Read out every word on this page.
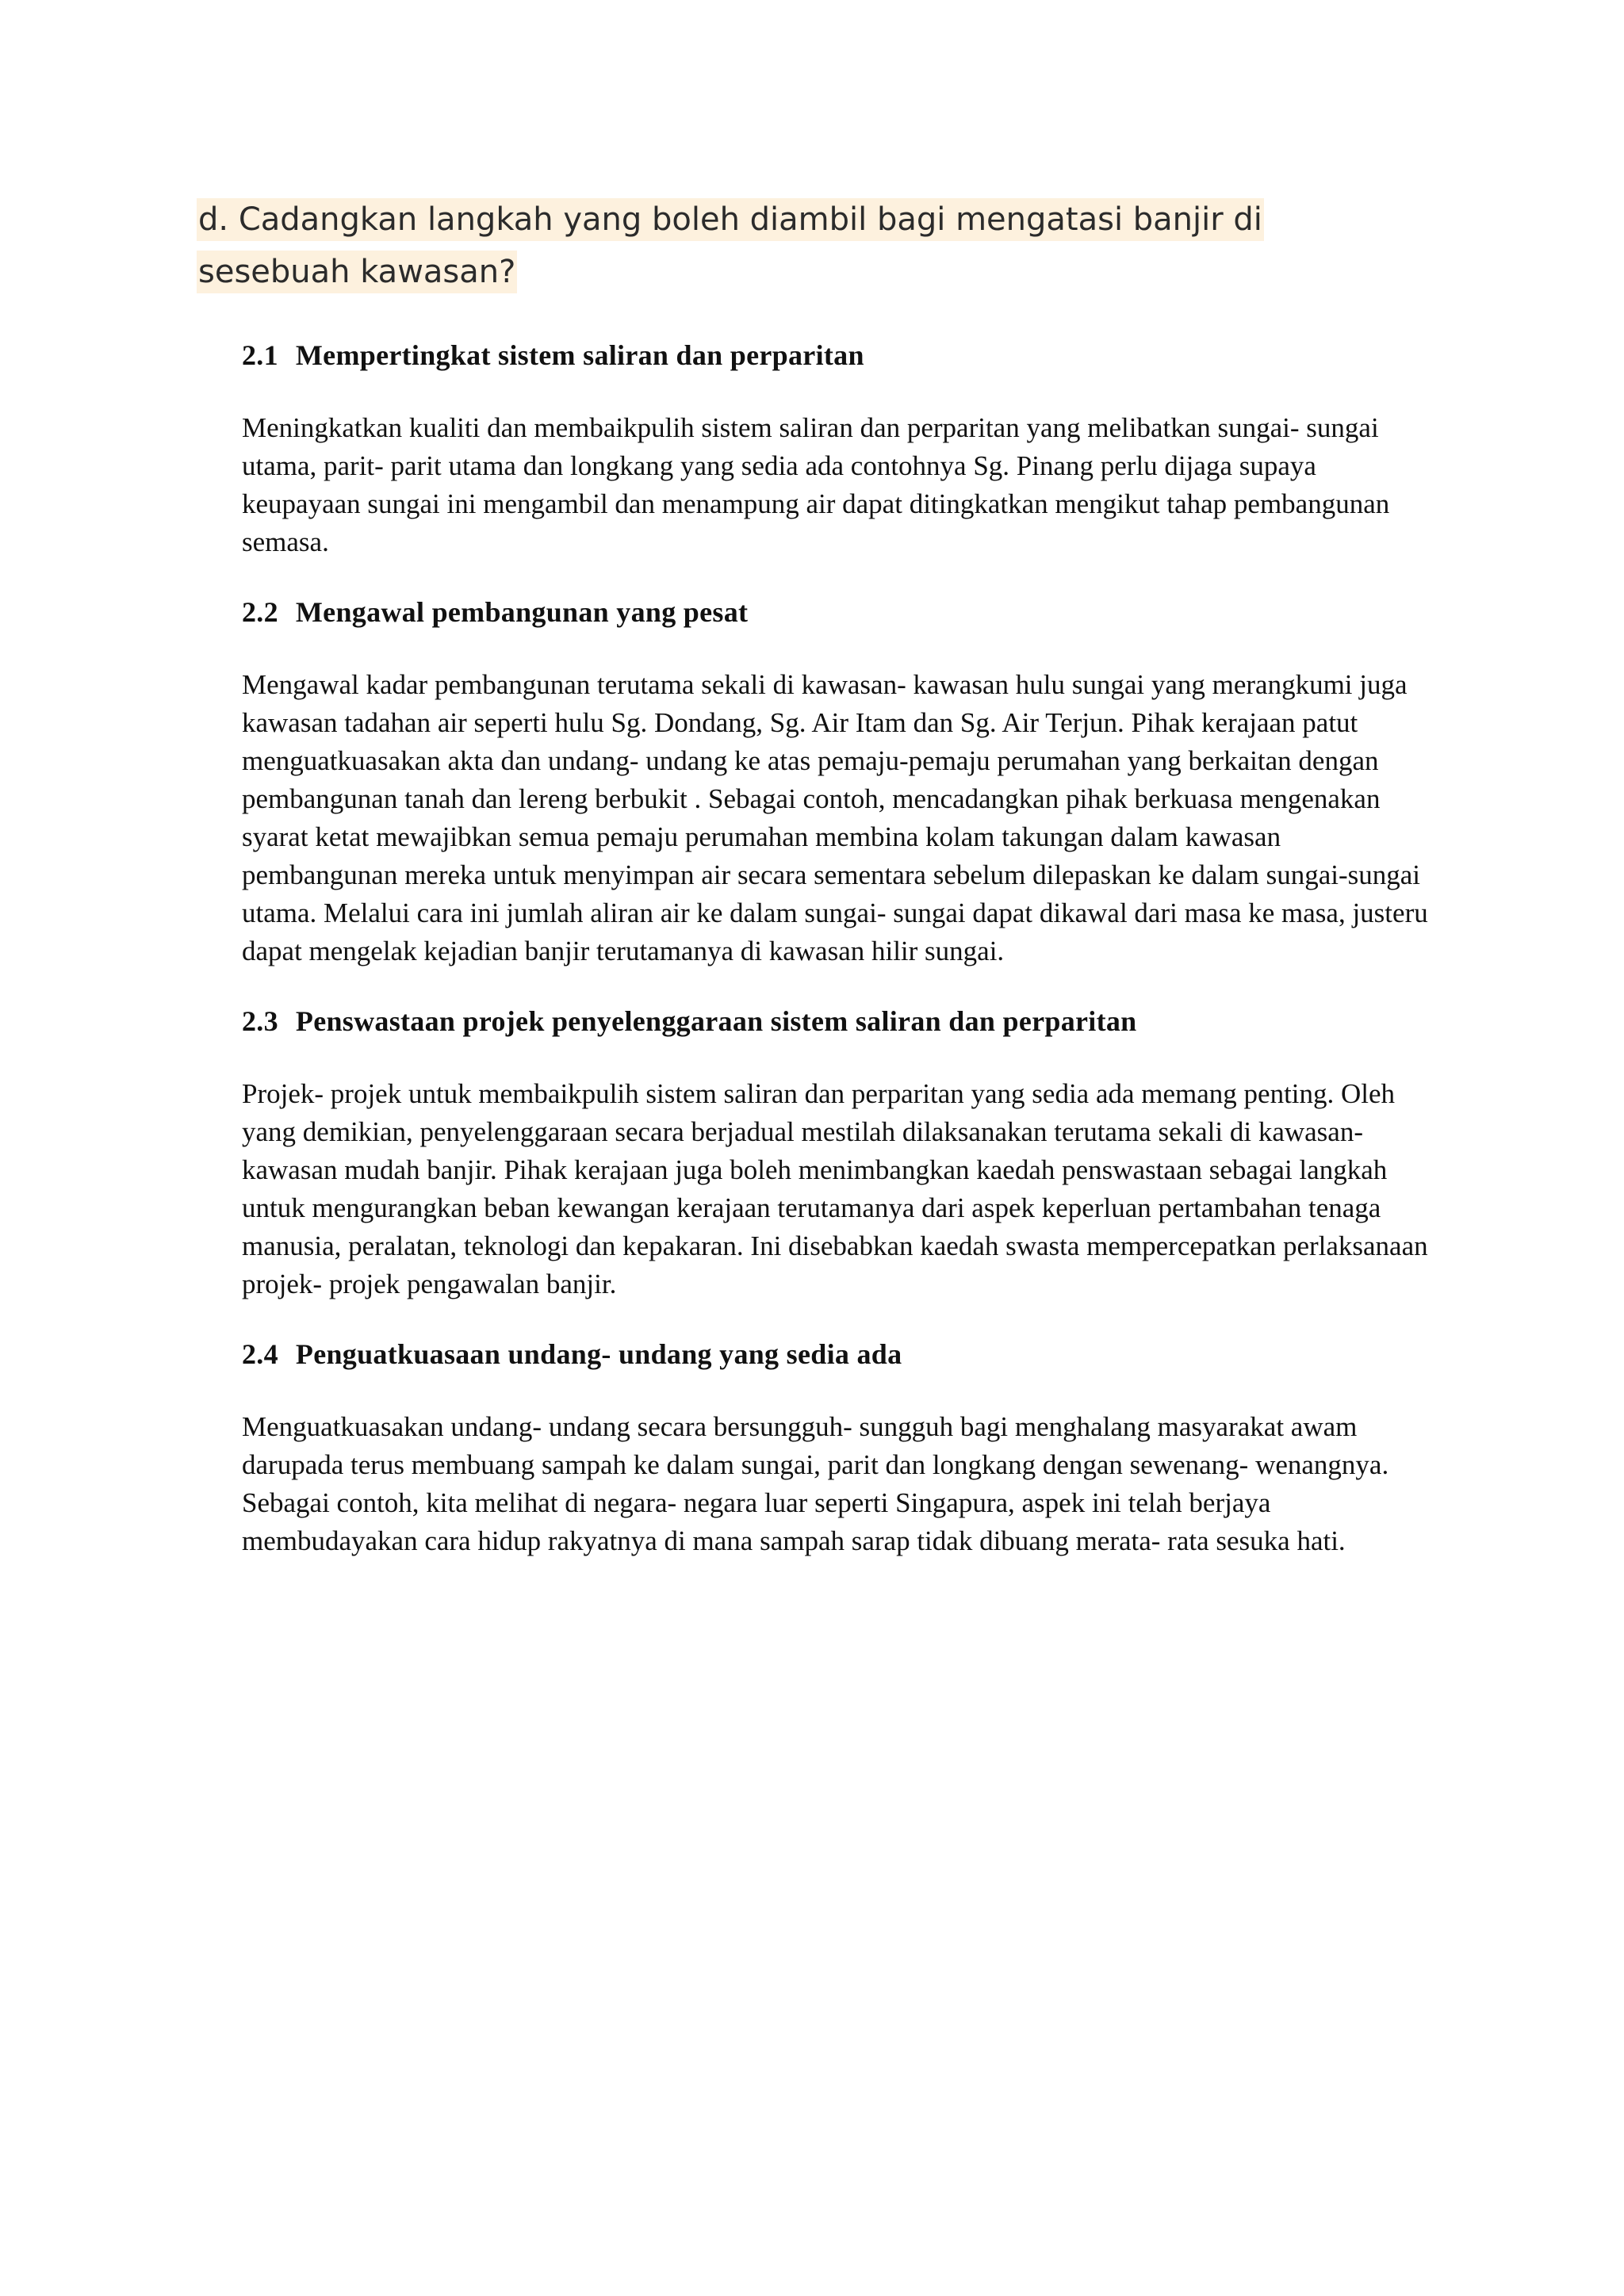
d. Cadangkan langkah yang boleh diambil bagi mengatasi banjir di sesebuah kawasan?

2.1 Mempertingkat sistem saliran dan perparitan

Meningkatkan kualiti dan membaikpulih sistem saliran dan perparitan yang melibatkan sungai- sungai utama, parit- parit utama dan longkang yang sedia ada contohnya Sg. Pinang perlu dijaga supaya keupayaan sungai ini mengambil dan menampung air dapat ditingkatkan mengikut tahap pembangunan semasa.

2.2 Mengawal pembangunan yang pesat

Mengawal kadar pembangunan terutama sekali di kawasan- kawasan hulu sungai yang merangkumi juga kawasan tadahan air seperti hulu Sg. Dondang, Sg. Air Itam dan Sg. Air Terjun. Pihak kerajaan patut menguatkuasakan akta dan undang- undang ke atas pemaju-pemaju perumahan yang berkaitan dengan pembangunan tanah dan lereng berbukit . Sebagai contoh, mencadangkan pihak berkuasa mengenakan syarat ketat mewajibkan semua pemaju perumahan membina kolam takungan dalam kawasan pembangunan mereka untuk menyimpan air secara sementara sebelum dilepaskan ke dalam sungai-sungai utama. Melalui cara ini jumlah aliran air ke dalam sungai- sungai dapat dikawal dari masa ke masa, justeru dapat mengelak kejadian banjir terutamanya di kawasan hilir sungai.

2.3 Penswastaan projek penyelenggaraan sistem saliran dan perparitan

Projek- projek untuk membaikpulih sistem saliran dan perparitan yang sedia ada memang penting. Oleh yang demikian, penyelenggaraan secara berjadual mestilah dilaksanakan terutama sekali di kawasan- kawasan mudah banjir. Pihak kerajaan juga boleh menimbangkan kaedah penswastaan sebagai langkah untuk mengurangkan beban kewangan kerajaan terutamanya dari aspek keperluan pertambahan tenaga manusia, peralatan, teknologi dan kepakaran. Ini disebabkan kaedah swasta mempercepatkan perlaksanaan projek- projek pengawalan banjir.

2.4 Penguatkuasaan undang- undang yang sedia ada

Menguatkuasakan undang- undang secara bersungguh- sungguh bagi menghalang masyarakat awam darupada terus membuang sampah ke dalam sungai, parit dan longkang dengan sewenang- wenangnya. Sebagai contoh, kita melihat di negara- negara luar seperti Singapura, aspek ini telah berjaya membudayakan cara hidup rakyatnya di mana sampah sarap tidak dibuang merata- rata sesuka hati.
